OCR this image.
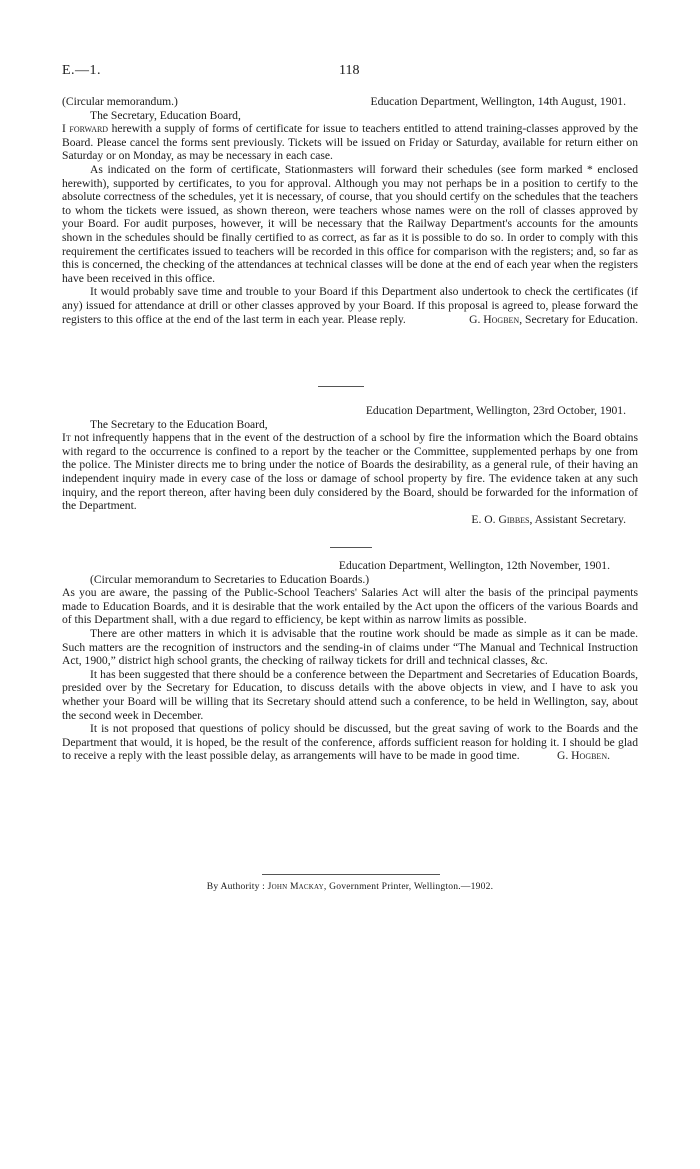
E.—1.	118
(Circular memorandum.)	Education Department, Wellington, 14th August, 1901.
The Secretary, Education Board,

I forward herewith a supply of forms of certificate for issue to teachers entitled to attend training-classes approved by the Board. Please cancel the forms sent previously. Tickets will be issued on Friday or Saturday, available for return either on Saturday or on Monday, as may be necessary in each case.

As indicated on the form of certificate, Stationmasters will forward their schedules (see form marked * enclosed herewith), supported by certificates, to you for approval. Although you may not perhaps be in a position to certify to the absolute correctness of the schedules, yet it is necessary, of course, that you should certify on the schedules that the teachers to whom the tickets were issued, as shown thereon, were teachers whose names were on the roll of classes approved by your Board. For audit purposes, however, it will be necessary that the Railway Department's accounts for the amounts shown in the schedules should be finally certified to as correct, as far as it is possible to do so. In order to comply with this requirement the certificates issued to teachers will be recorded in this office for comparison with the registers; and, so far as this is concerned, the checking of the attendances at technical classes will be done at the end of each year when the registers have been received in this office.

It would probably save time and trouble to your Board if this Department also undertook to check the certificates (if any) issued for attendance at drill or other classes approved by your Board. If this proposal is agreed to, please forward the registers to this office at the end of the last term in each year. Please reply.	G. Hogben, Secretary for Education.

Education Department, Wellington, 23rd October, 1901.
The Secretary to the Education Board,

It not infrequently happens that in the event of the destruction of a school by fire the information which the Board obtains with regard to the occurrence is confined to a report by the teacher or the Committee, supplemented perhaps by one from the police. The Minister directs me to bring under the notice of Boards the desirability, as a general rule, of their having an independent inquiry made in every case of the loss or damage of school property by fire. The evidence taken at any such inquiry, and the report thereon, after having been duly considered by the Board, should be forwarded for the information of the Department.

E. O. Gibbes, Assistant Secretary.

Education Department, Wellington, 12th November, 1901.
(Circular memorandum to Secretaries to Education Boards.)

As you are aware, the passing of the Public-School Teachers' Salaries Act will alter the basis of the principal payments made to Education Boards, and it is desirable that the work entailed by the Act upon the officers of the various Boards and of this Department shall, with a due regard to efficiency, be kept within as narrow limits as possible.

There are other matters in which it is advisable that the routine work should be made as simple as it can be made. Such matters are the recognition of instructors and the sending-in of claims under “The Manual and Technical Instruction Act, 1900,” district high school grants, the checking of railway tickets for drill and technical classes, &c.

It has been suggested that there should be a conference between the Department and Secretaries of Education Boards, presided over by the Secretary for Education, to discuss details with the above objects in view, and I have to ask you whether your Board will be willing that its Secretary should attend such a conference, to be held in Wellington, say, about the second week in December.

It is not proposed that questions of policy should be discussed, but the great saving of work to the Boards and the Department that would, it is hoped, be the result of the conference, affords sufficient reason for holding it. I should be glad to receive a reply with the least possible delay, as arrangements will have to be made in good time.	G. Hogben.

By Authority : John Mackay, Government Printer, Wellington.—1902.
